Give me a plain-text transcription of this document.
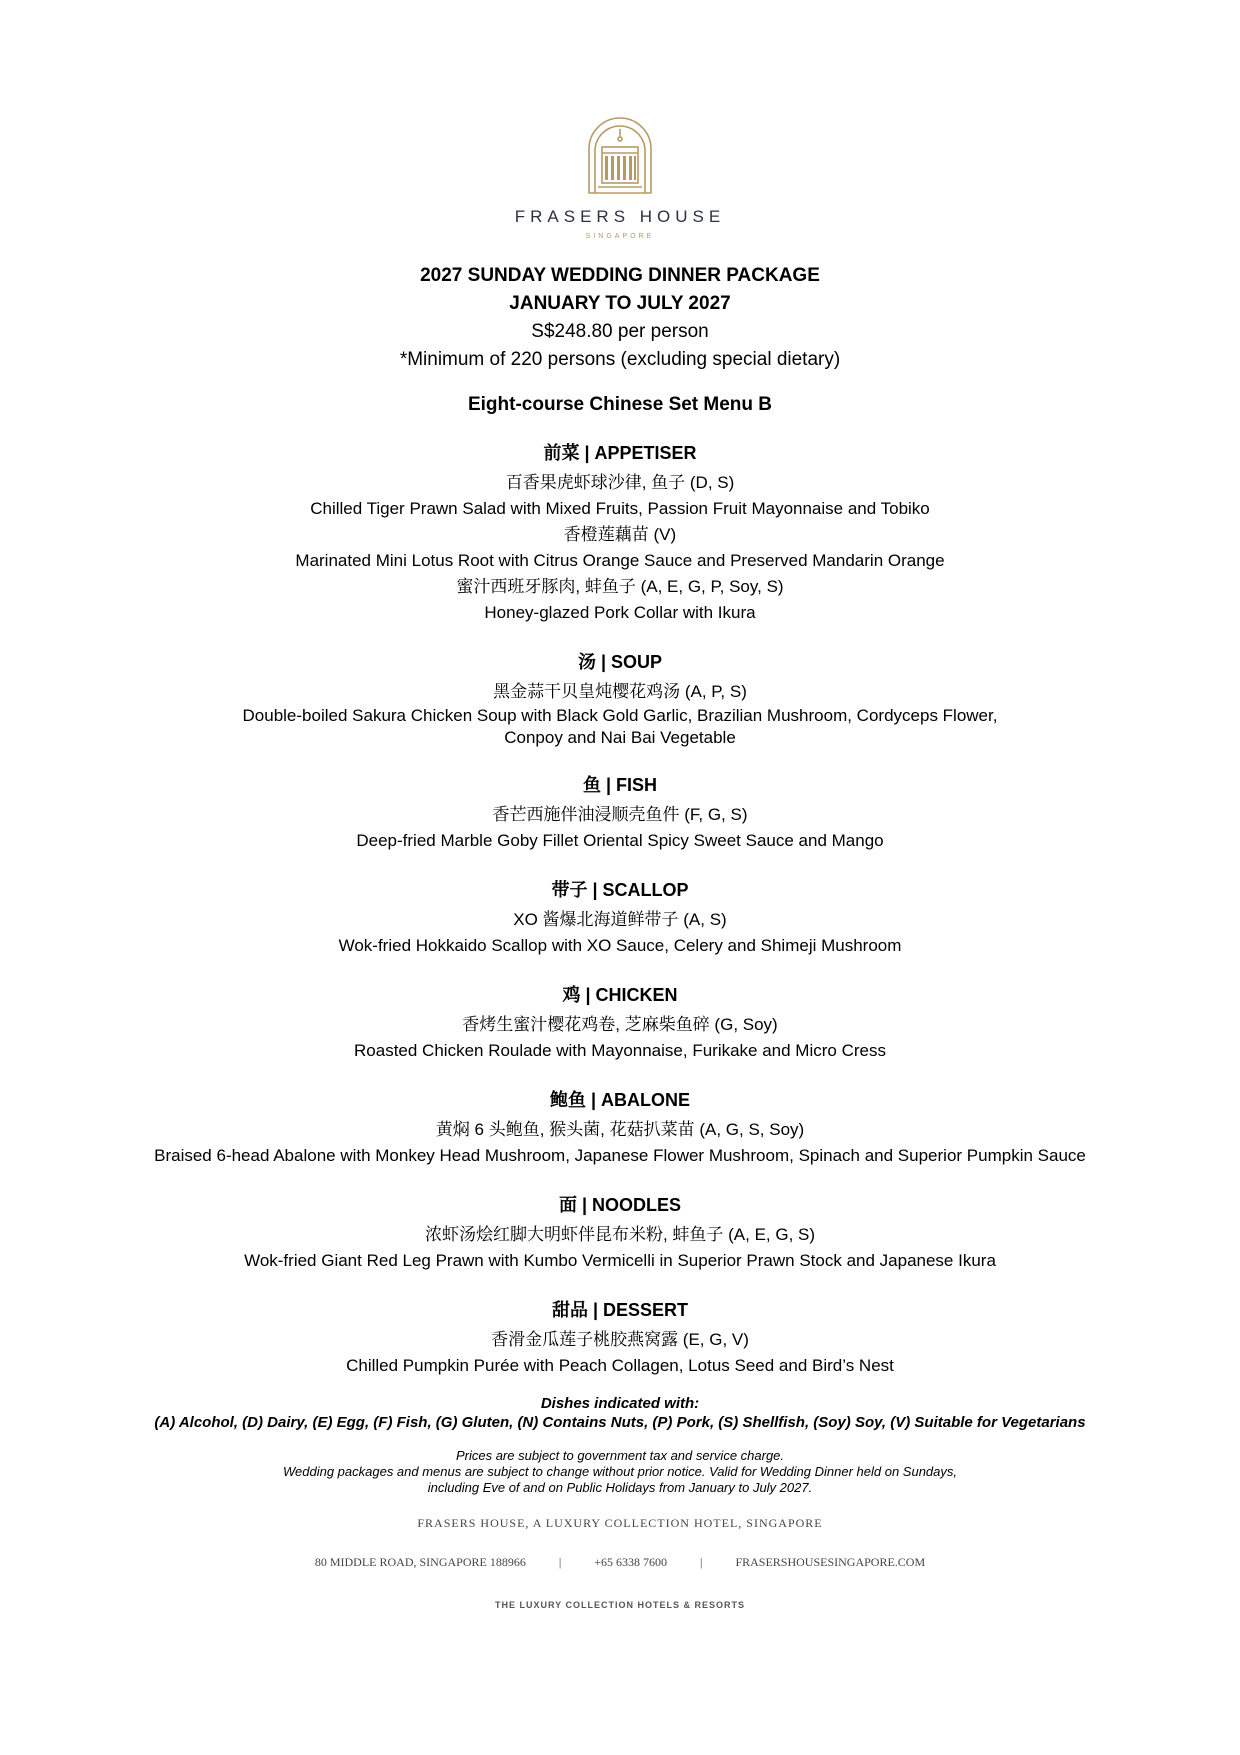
FRASERS HOUSE
SINGAPORE
2027 SUNDAY WEDDING DINNER PACKAGE
JANUARY TO JULY 2027
S$248.80 per person
*Minimum of 220 persons (excluding special dietary)
Eight-course Chinese Set Menu B
前菜 | APPETISER
百香果虎虾球沙律, 鱼子 (D, S)
Chilled Tiger Prawn Salad with Mixed Fruits, Passion Fruit Mayonnaise and Tobiko
香橙莲藕苗 (V)
Marinated Mini Lotus Root with Citrus Orange Sauce and Preserved Mandarin Orange
蜜汁西班牙豚肉, 蚌鱼子 (A, E, G, P, Soy, S)
Honey-glazed Pork Collar with Ikura
汤 | SOUP
黑金蒜干贝皇炖樱花鸡汤 (A, P, S)
Double-boiled Sakura Chicken Soup with Black Gold Garlic, Brazilian Mushroom, Cordyceps Flower,
Conpoy and Nai Bai Vegetable
鱼 | FISH
香芒西施伴油浸顺壳鱼件 (F, G, S)
Deep-fried Marble Goby Fillet Oriental Spicy Sweet Sauce and Mango
带子 | SCALLOP
XO 酱爆北海道鲜带子 (A, S)
Wok-fried Hokkaido Scallop with XO Sauce, Celery and Shimeji Mushroom
鸡 | CHICKEN
香烤生蜜汁樱花鸡卷, 芝麻柴鱼碎 (G, Soy)
Roasted Chicken Roulade with Mayonnaise, Furikake and Micro Cress
鲍鱼 | ABALONE
黄焖 6 头鲍鱼, 猴头菌, 花菇扒菜苗 (A, G, S, Soy)
Braised 6-head Abalone with Monkey Head Mushroom, Japanese Flower Mushroom, Spinach and Superior Pumpkin Sauce
面 | NOODLES
浓虾汤烩红脚大明虾伴昆布米粉, 蚌鱼子 (A, E, G, S)
Wok-fried Giant Red Leg Prawn with Kumbo Vermicelli in Superior Prawn Stock and Japanese Ikura
甜品 | DESSERT
香滑金瓜莲子桃胶燕窝露 (E, G, V)
Chilled Pumpkin Purée with Peach Collagen, Lotus Seed and Bird’s Nest
Dishes indicated with:
(A) Alcohol, (D) Dairy, (E) Egg, (F) Fish, (G) Gluten, (N) Contains Nuts, (P) Pork, (S) Shellfish, (Soy) Soy, (V) Suitable for Vegetarians
Prices are subject to government tax and service charge.
Wedding packages and menus are subject to change without prior notice. Valid for Wedding Dinner held on Sundays,
including Eve of and on Public Holidays from January to July 2027.
FRASERS HOUSE, A LUXURY COLLECTION HOTEL, SINGAPORE
80 MIDDLE ROAD, SINGAPORE 188966	|	+65 6338 7600	|	FRASERSHOUSESINGAPORE.COM
THE LUXURY COLLECTION HOTELS & RESORTS
